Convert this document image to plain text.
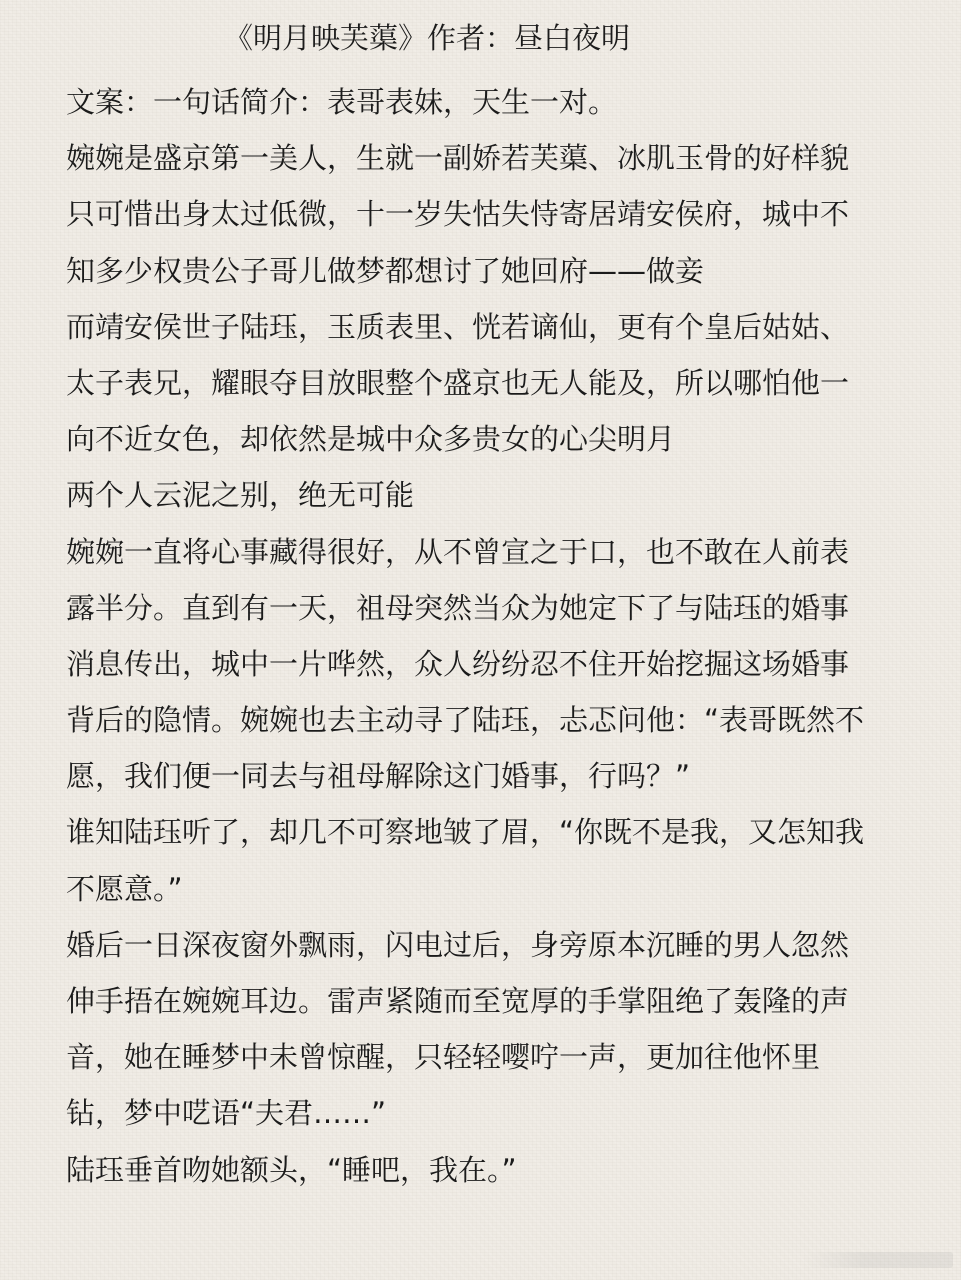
《明月映芙蕖》作者：昼白夜明
文案：一句话简介：表哥表妹，天生一对。
婉婉是盛京第一美人，生就一副娇若芙蕖、冰肌玉骨的好样貌
只可惜出身太过低微，十一岁失怙失恃寄居靖安侯府，城中不
知多少权贵公子哥儿做梦都想讨了她回府——做妾
而靖安侯世子陆珏，玉质表里、恍若谪仙，更有个皇后姑姑、
太子表兄，耀眼夺目放眼整个盛京也无人能及，所以哪怕他一
向不近女色，却依然是城中众多贵女的心尖明月
两个人云泥之别，绝无可能
婉婉一直将心事藏得很好，从不曾宣之于口，也不敢在人前表
露半分。直到有一天，祖母突然当众为她定下了与陆珏的婚事
消息传出，城中一片哗然，众人纷纷忍不住开始挖掘这场婚事
背后的隐情。婉婉也去主动寻了陆珏，忐忑问他：“表哥既然不
愿，我们便一同去与祖母解除这门婚事，行吗？”
谁知陆珏听了，却几不可察地皱了眉，“你既不是我，又怎知我
不愿意。”
婚后一日深夜窗外飘雨，闪电过后，身旁原本沉睡的男人忽然
伸手捂在婉婉耳边。雷声紧随而至宽厚的手掌阻绝了轰隆的声
音，她在睡梦中未曾惊醒，只轻轻嘤咛一声，更加往他怀里
钻，梦中呓语“夫君……”
陆珏垂首吻她额头，“睡吧，我在。”
